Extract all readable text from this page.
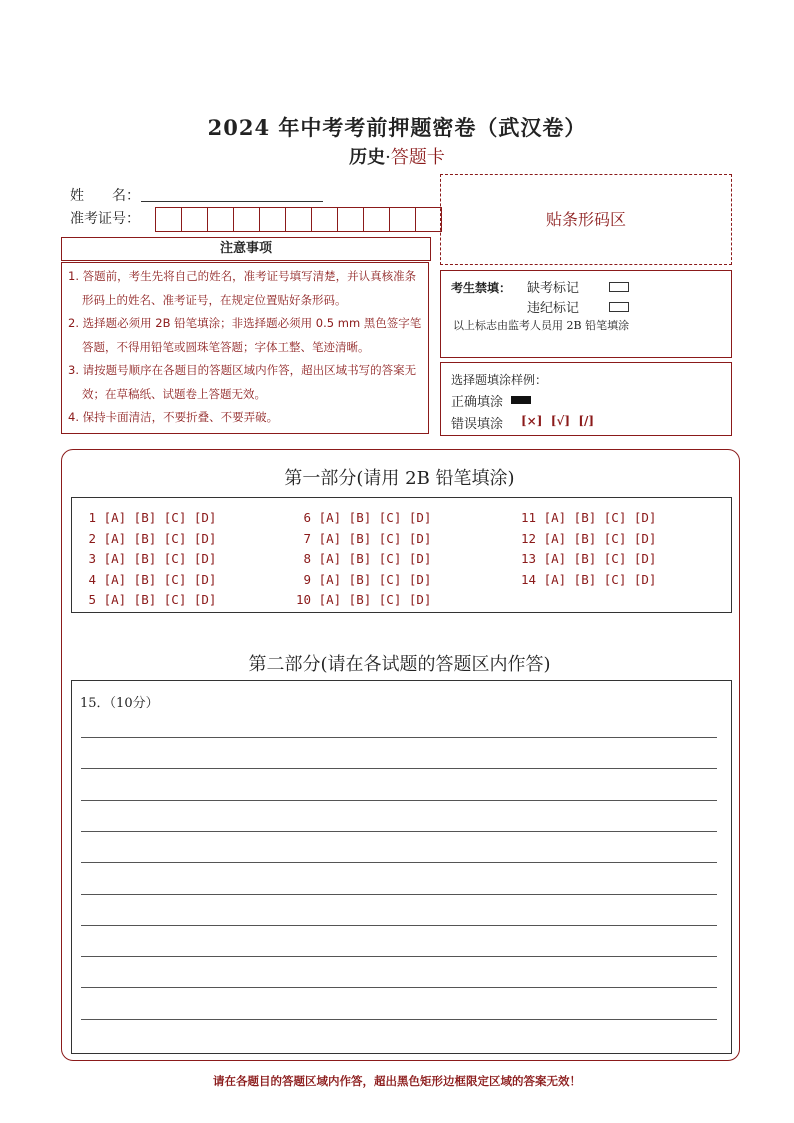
2024 年中考考前押题密卷（武汉卷）
历史·答题卡
姓　　名：
准考证号：
注意事项

1. 答题前，考生先将自己的姓名，准考证号填写清楚，并认真核准条形码上的姓名、准考证号，在规定位置贴好条形码。

2. 选择题必须用 2B 铅笔填涂；非选择题必须用 0.5 mm 黑色签字笔答题，不得用铅笔或圆珠笔答题；字体工整、笔迹清晰。

3. 请按题号顺序在各题目的答题区域内作答，超出区域书写的答案无效；在草稿纸、试题卷上答题无效。

4. 保持卡面清洁，不要折叠、不要弄破。

贴条形码区
考生禁填： 缺考标记
违纪标记
以上标志由监考人员用 2B 铅笔填涂
选择题填涂样例：
正确填涂
错误填涂 [×]  [√]  [/]
第一部分(请用 2B 铅笔填涂)
1 [A] [B] [C] [D]
2 [A] [B] [C] [D]
3 [A] [B] [C] [D]
4 [A] [B] [C] [D]
5 [A] [B] [C] [D]
6 [A] [B] [C] [D]
7 [A] [B] [C] [D]
8 [A] [B] [C] [D]
9 [A] [B] [C] [D]
10 [A] [B] [C] [D]
11 [A] [B] [C] [D]
12 [A] [B] [C] [D]
13 [A] [B] [C] [D]
14 [A] [B] [C] [D]
第二部分(请在各试题的答题区内作答)
15．（10分）
请在各题目的答题区域内作答，超出黑色矩形边框限定区域的答案无效！
